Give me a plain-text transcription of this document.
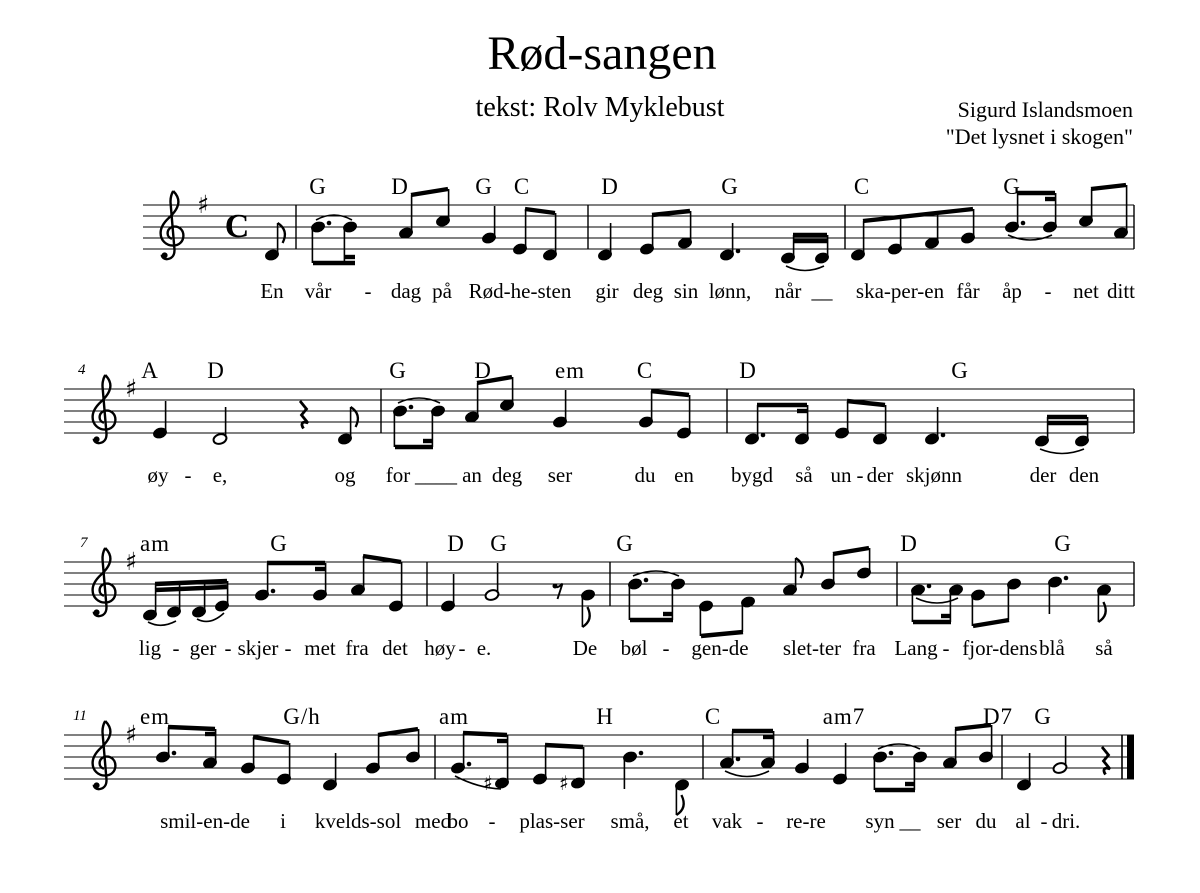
Rød-sangen
tekst: Rolv Myklebust	Sigurd Islandsmoen
"Det lysnet i skogen"
♯
C
♯
♯
♯
♯	♯
G	D	G C	D	G	C	G
En vår - dag på Rød-he-sten gir deg sin lønn, når __ ska-per-en får åp - net ditt
A D	G	D	em C	D	G
4
øy - e,	og for ____ an deg ser	du en bygd så un - der skjønn	der den
am	G	D G	G	D	G
7
lig - ger - skjer - met fra det høy - e.	De bøl - gen-de slet-ter fra Lang - fjor-dens blå så
em	G/h	am	H	C	am7	D7 G
11
smil-en-de i kvelds-sol med
bo - plas-ser små, et vak - re-re syn __ ser du al - dri.
